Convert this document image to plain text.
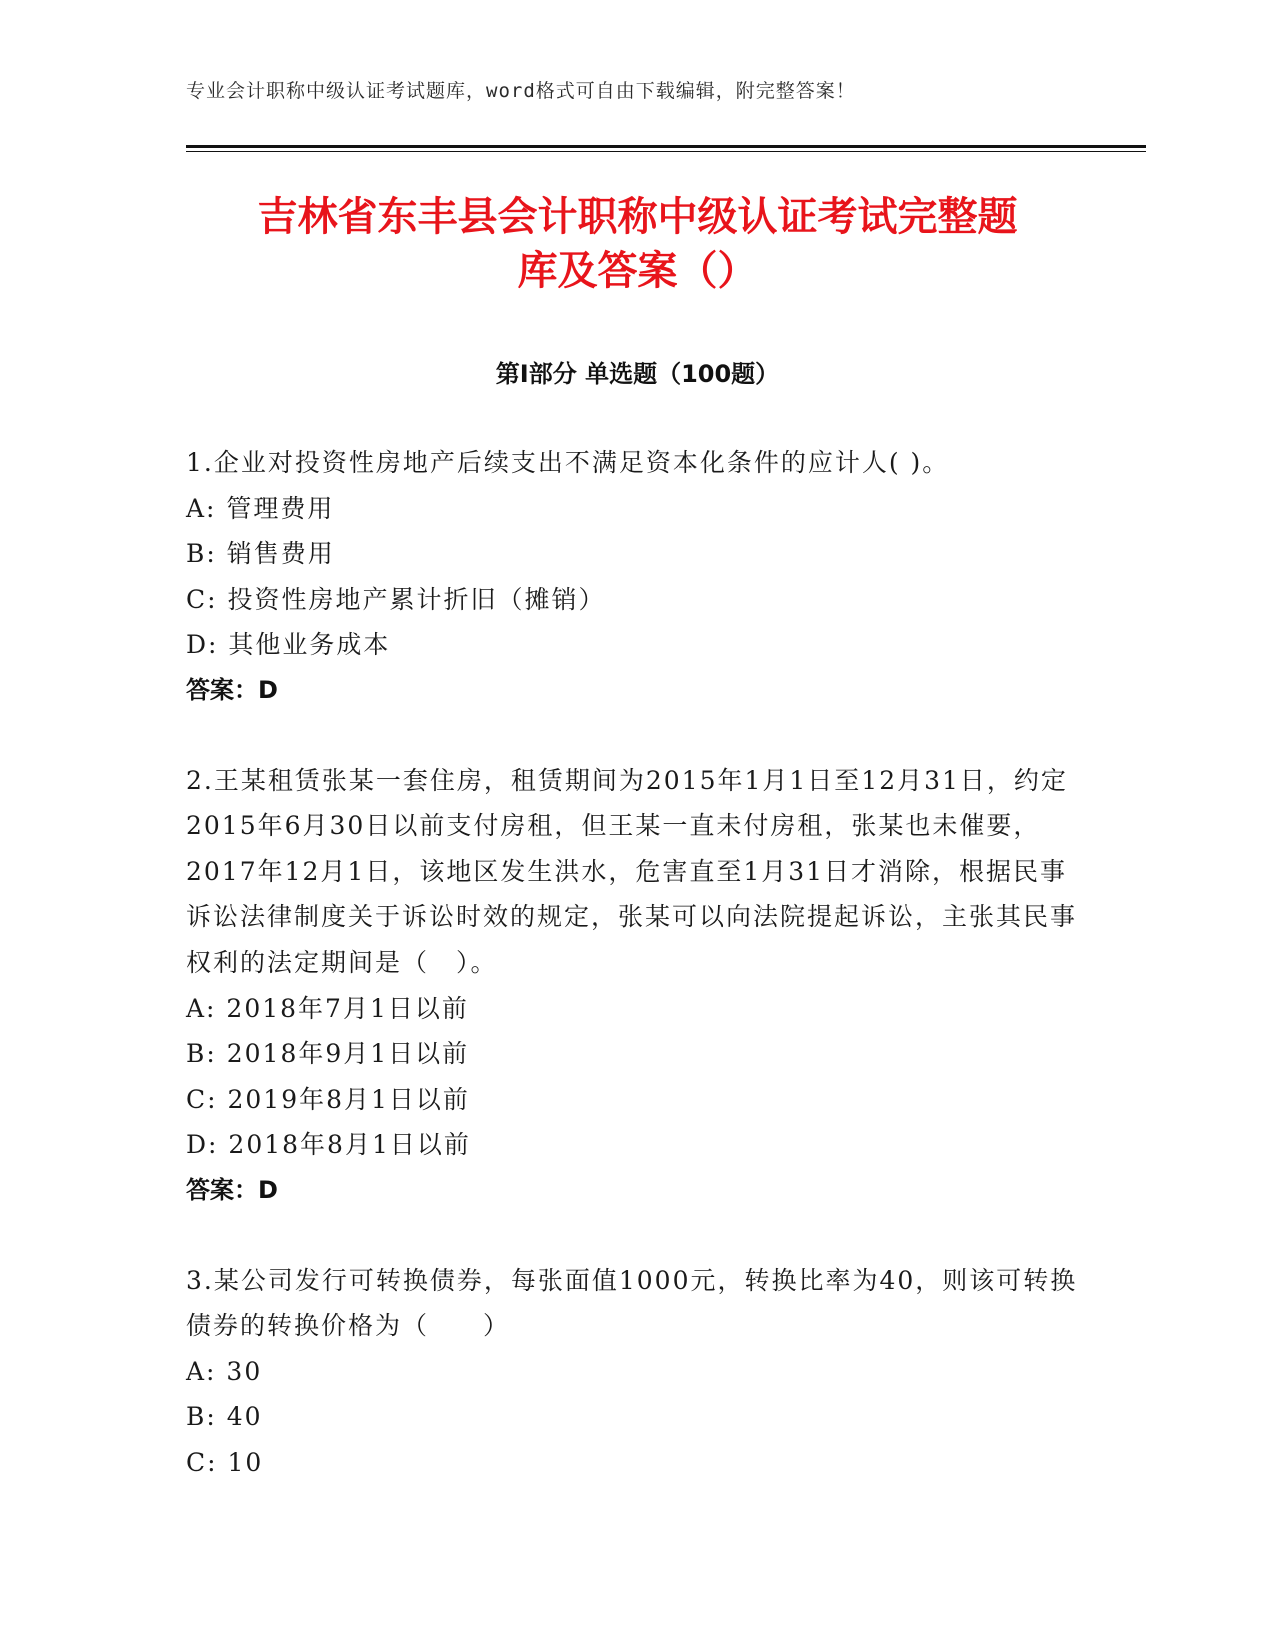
专业会计职称中级认证考试题库，word格式可自由下载编辑，附完整答案！
吉林省东丰县会计职称中级认证考试完整题
库及答案（）
第Ⅰ部分 单选题（100题）
1.企业对投资性房地产后续支出不满足资本化条件的应计人( )。
A: 管理费用
B: 销售费用
C: 投资性房地产累计折旧（摊销）
D: 其他业务成本
答案：D
2.王某租赁张某一套住房，租赁期间为2015年1月1日至12月31日，约定2015年6月30日以前支付房租，但王某一直未付房租，张某也未催要，2017年12月1日，该地区发生洪水，危害直至1月31日才消除，根据民事诉讼法律制度关于诉讼时效的规定，张某可以向法院提起诉讼，主张其民事权利的法定期间是（　）。
A: 2018年7月1日以前
B: 2018年9月1日以前
C: 2019年8月1日以前
D: 2018年8月1日以前
答案：D
3.某公司发行可转换债券，每张面值1000元，转换比率为40，则该可转换债券的转换价格为（　　）
A: 30
B: 40
C: 10
